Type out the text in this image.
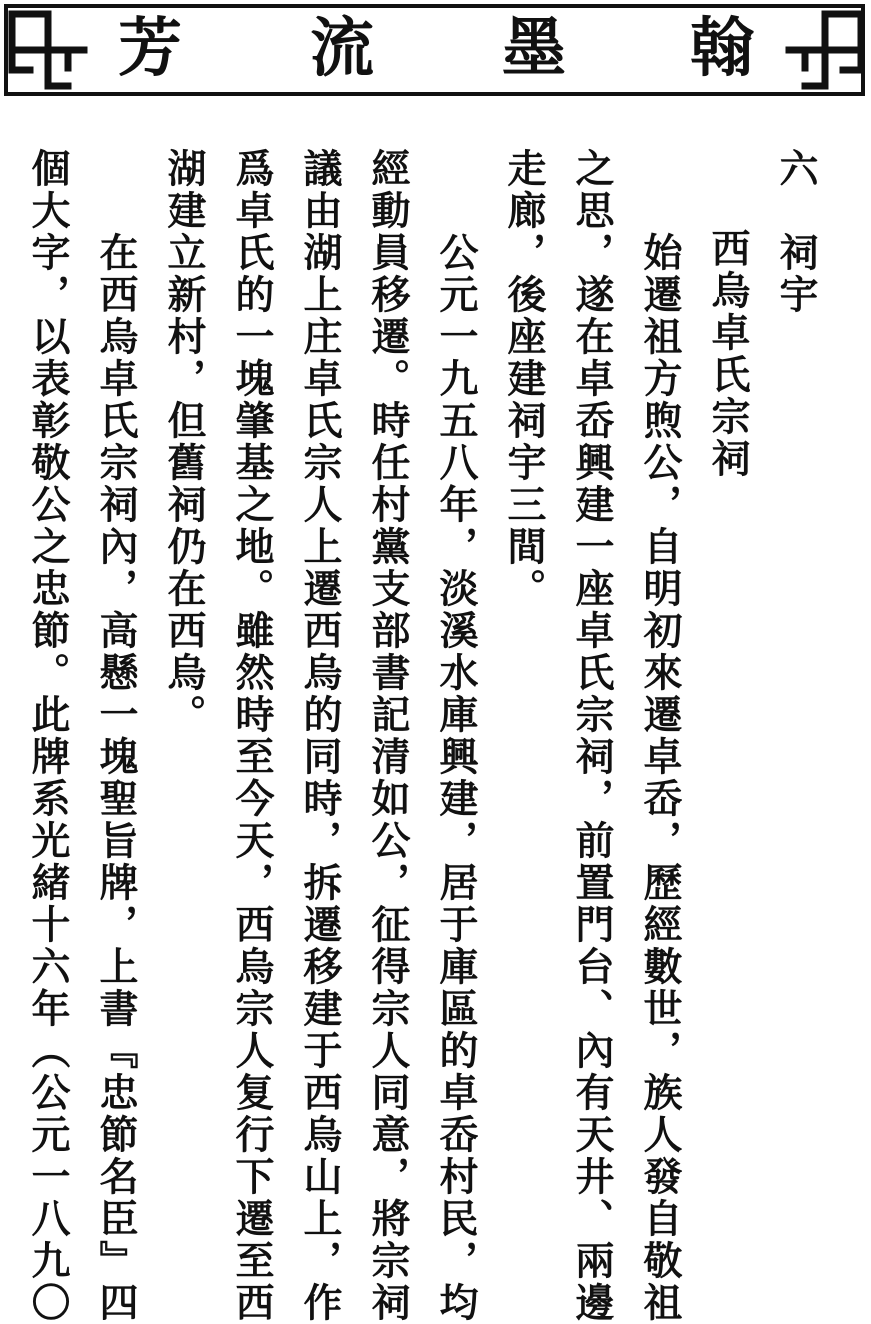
芳 流 墨 翰
六　祠宇
西烏卓氏宗祠
始遷祖方煦公，自明初來遷卓岙，歷經數世，族人發自敬祖
之思，遂在卓岙興建一座卓氏宗祠，前置門台、內有天井、兩邊
走廊，後座建祠宇三間。
公元一九五八年，淡溪水庫興建，居于庫區的卓岙村民，均
經動員移遷。時任村黨支部書記清如公，征得宗人同意，將宗祠
議由湖上庄卓氏宗人上遷西烏的同時，拆遷移建于西烏山上，作
爲卓氏的一塊肇基之地。雖然時至今天，西烏宗人复行下遷至西
湖建立新村，但舊祠仍在西烏。
在西烏卓氏宗祠內，高懸一塊聖旨牌，上書『忠節名臣』四
個大字，以表彰敬公之忠節。此牌系光緒十六年（公元一八九〇
